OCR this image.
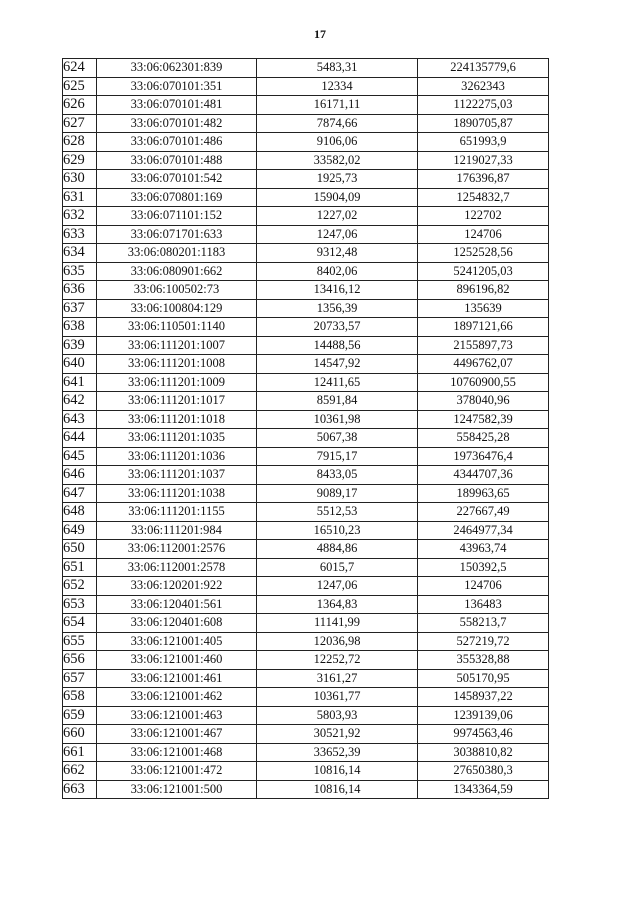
17
624	33:06:062301:839	5483,31	224135779,6
625	33:06:070101:351	12334	3262343
626	33:06:070101:481	16171,11	1122275,03
627	33:06:070101:482	7874,66	1890705,87
628	33:06:070101:486	9106,06	651993,9
629	33:06:070101:488	33582,02	1219027,33
630	33:06:070101:542	1925,73	176396,87
631	33:06:070801:169	15904,09	1254832,7
632	33:06:071101:152	1227,02	122702
633	33:06:071701:633	1247,06	124706
634	33:06:080201:1183	9312,48	1252528,56
635	33:06:080901:662	8402,06	5241205,03
636	33:06:100502:73	13416,12	896196,82
637	33:06:100804:129	1356,39	135639
638	33:06:110501:1140	20733,57	1897121,66
639	33:06:111201:1007	14488,56	2155897,73
640	33:06:111201:1008	14547,92	4496762,07
641	33:06:111201:1009	12411,65	10760900,55
642	33:06:111201:1017	8591,84	378040,96
643	33:06:111201:1018	10361,98	1247582,39
644	33:06:111201:1035	5067,38	558425,28
645	33:06:111201:1036	7915,17	19736476,4
646	33:06:111201:1037	8433,05	4344707,36
647	33:06:111201:1038	9089,17	189963,65
648	33:06:111201:1155	5512,53	227667,49
649	33:06:111201:984	16510,23	2464977,34
650	33:06:112001:2576	4884,86	43963,74
651	33:06:112001:2578	6015,7	150392,5
652	33:06:120201:922	1247,06	124706
653	33:06:120401:561	1364,83	136483
654	33:06:120401:608	11141,99	558213,7
655	33:06:121001:405	12036,98	527219,72
656	33:06:121001:460	12252,72	355328,88
657	33:06:121001:461	3161,27	505170,95
658	33:06:121001:462	10361,77	1458937,22
659	33:06:121001:463	5803,93	1239139,06
660	33:06:121001:467	30521,92	9974563,46
661	33:06:121001:468	33652,39	3038810,82
662	33:06:121001:472	10816,14	27650380,3
663	33:06:121001:500	10816,14	1343364,59
